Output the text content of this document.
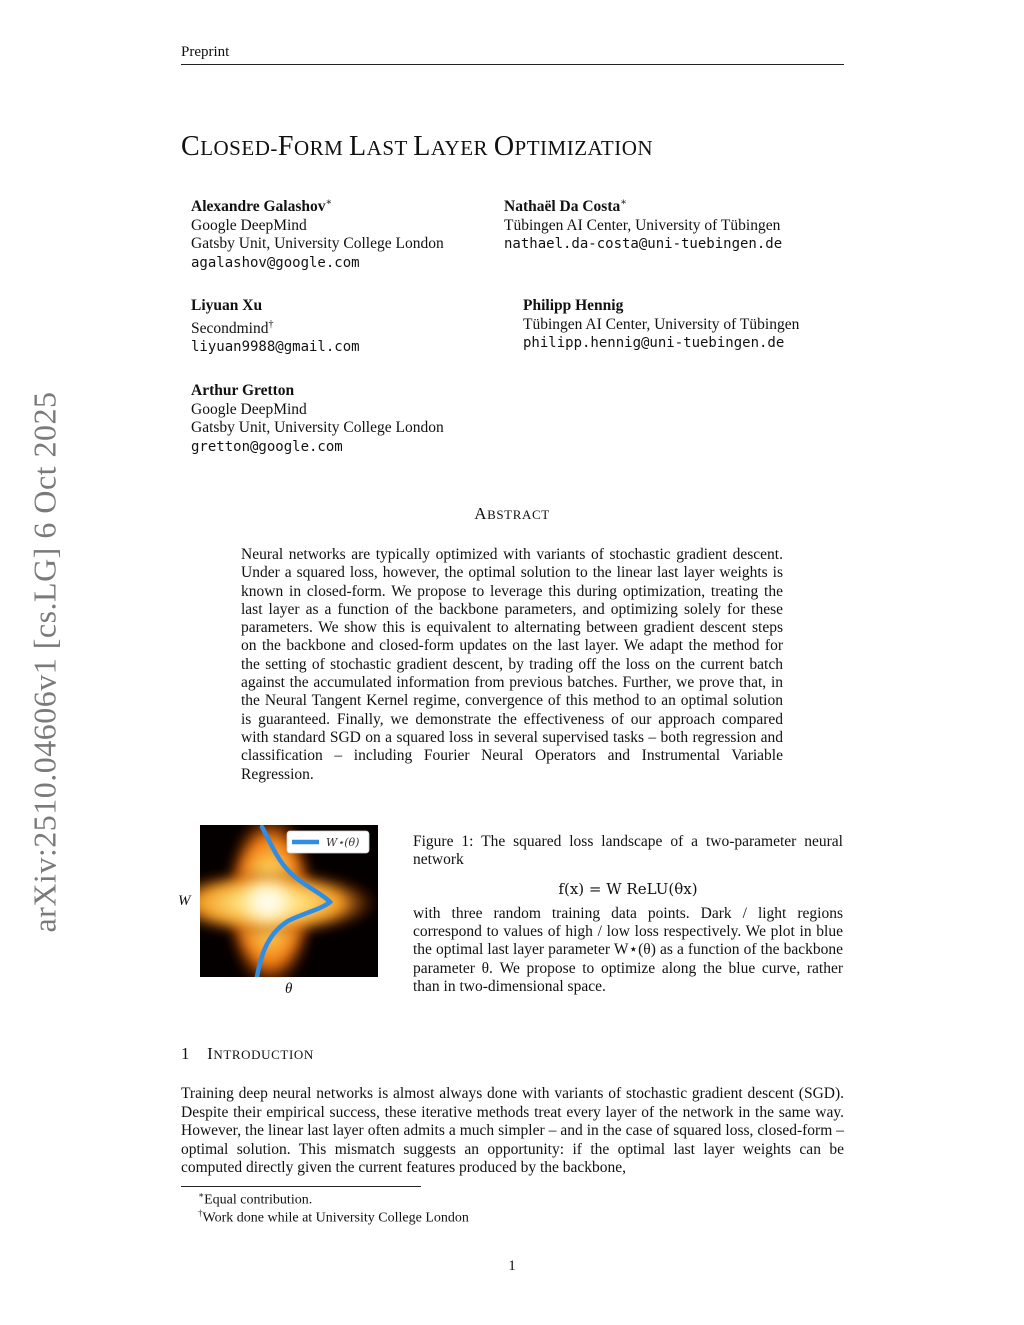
Preprint
arXiv:2510.04606v1 [cs.LG] 6 Oct 2025
CLOSED-FORM LAST LAYER OPTIMIZATION
Alexandre Galashov∗
Google DeepMind
Gatsby Unit, University College London
agalashov@google.com
Nathaël Da Costa∗
Tübingen AI Center, University of Tübingen
nathael.da-costa@uni-tuebingen.de
Liyuan Xu
Secondmind†
liyuan9988@gmail.com
Philipp Hennig
Tübingen AI Center, University of Tübingen
philipp.hennig@uni-tuebingen.de
Arthur Gretton
Google DeepMind
Gatsby Unit, University College London
gretton@google.com
ABSTRACT
Neural networks are typically optimized with variants of stochastic gradient descent. Under a squared loss, however, the optimal solution to the linear last layer weights is known in closed-form. We propose to leverage this during optimization, treating the last layer as a function of the backbone parameters, and optimizing solely for these parameters. We show this is equivalent to alternating between gradient descent steps on the backbone and closed-form updates on the last layer. We adapt the method for the setting of stochastic gradient descent, by trading off the loss on the current batch against the accumulated information from previous batches. Further, we prove that, in the Neural Tangent Kernel regime, convergence of this method to an optimal solution is guaranteed. Finally, we demonstrate the effectiveness of our approach compared with standard SGD on a squared loss in several supervised tasks – both regression and classification – including Fourier Neural Operators and Instrumental Variable Regression.
W⋆(θ)
W
θ
Figure 1: The squared loss landscape of a two-parameter neural network
f(x) = W ReLU(θx)
with three random training data points. Dark / light regions correspond to values of high / low loss respectively. We plot in blue the optimal last layer parameter W⋆(θ) as a function of the backbone parameter θ. We propose to optimize along the blue curve, rather than in two-dimensional space.
1 INTRODUCTION
Training deep neural networks is almost always done with variants of stochastic gradient descent (SGD). Despite their empirical success, these iterative methods treat every layer of the network in the same way. However, the linear last layer often admits a much simpler – and in the case of squared loss, closed-form – optimal solution. This mismatch suggests an opportunity: if the optimal last layer weights can be computed directly given the current features produced by the backbone,
∗Equal contribution.
†Work done while at University College London
1
